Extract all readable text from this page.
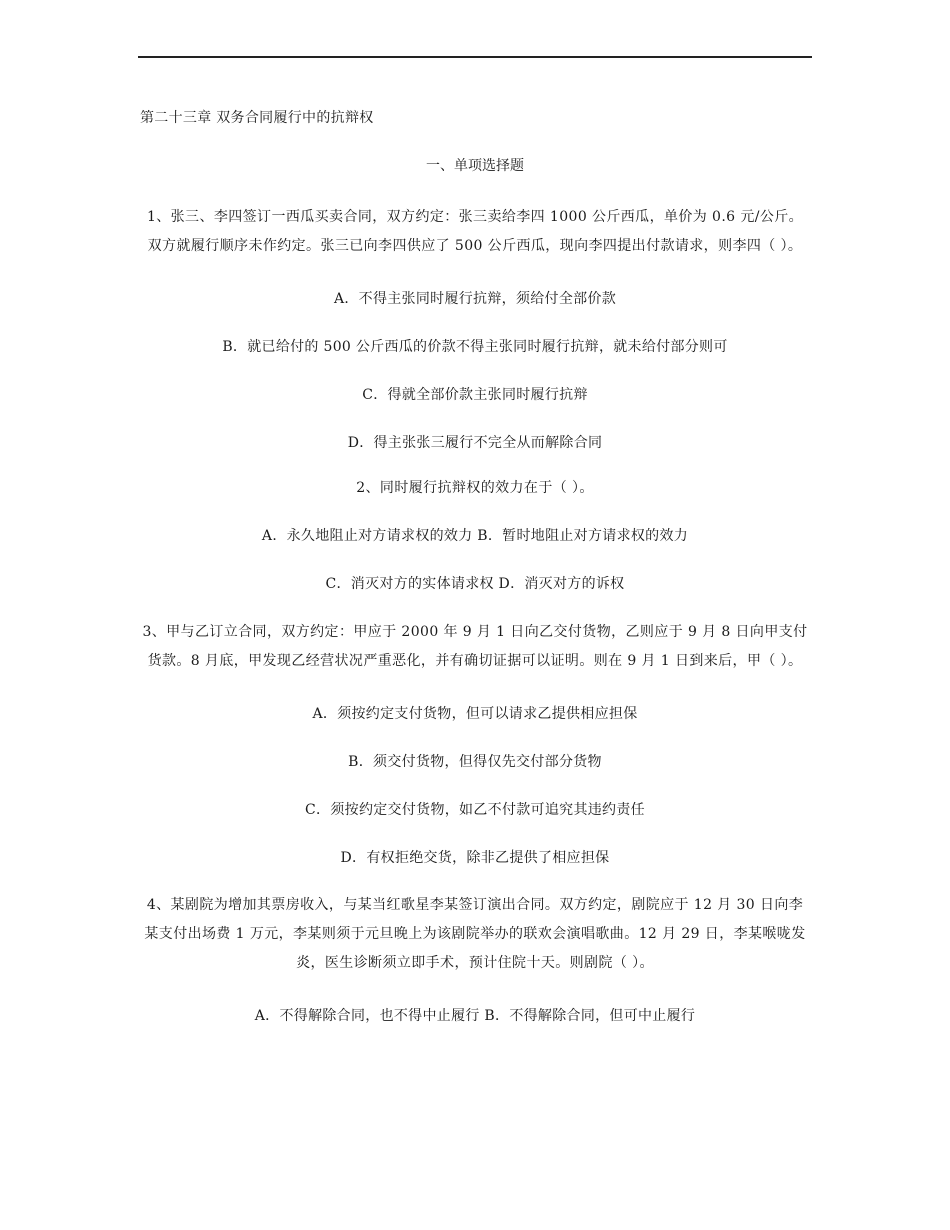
第二十三章 双务合同履行中的抗辩权

一、单项选择题

1、张三、李四签订一西瓜买卖合同，双方约定：张三卖给李四 1000 公斤西瓜，单价为 0.6 元/公斤。双方就履行顺序未作约定。张三已向李四供应了 500 公斤西瓜，现向李四提出付款请求，则李四（ ）。

A．不得主张同时履行抗辩，须给付全部价款

B．就已给付的 500 公斤西瓜的价款不得主张同时履行抗辩，就未给付部分则可

C．得就全部价款主张同时履行抗辩

D．得主张张三履行不完全从而解除合同

2、同时履行抗辩权的效力在于（ ）。

A．永久地阻止对方请求权的效力 B．暂时地阻止对方请求权的效力

C．消灭对方的实体请求权 D．消灭对方的诉权

3、甲与乙订立合同，双方约定：甲应于 2000 年 9 月 1 日向乙交付货物，乙则应于 9 月 8 日向甲支付货款。8 月底，甲发现乙经营状况严重恶化，并有确切证据可以证明。则在 9 月 1 日到来后，甲（ ）。

A．须按约定支付货物，但可以请求乙提供相应担保

B．须交付货物，但得仅先交付部分货物

C．须按约定交付货物，如乙不付款可追究其违约责任

D．有权拒绝交货，除非乙提供了相应担保

4、某剧院为增加其票房收入，与某当红歌星李某签订演出合同。双方约定，剧院应于 12 月 30 日向李某支付出场费 1 万元，李某则须于元旦晚上为该剧院举办的联欢会演唱歌曲。12 月 29 日，李某喉咙发炎，医生诊断须立即手术，预计住院十天。则剧院（ ）。

A．不得解除合同，也不得中止履行 B．不得解除合同，但可中止履行
